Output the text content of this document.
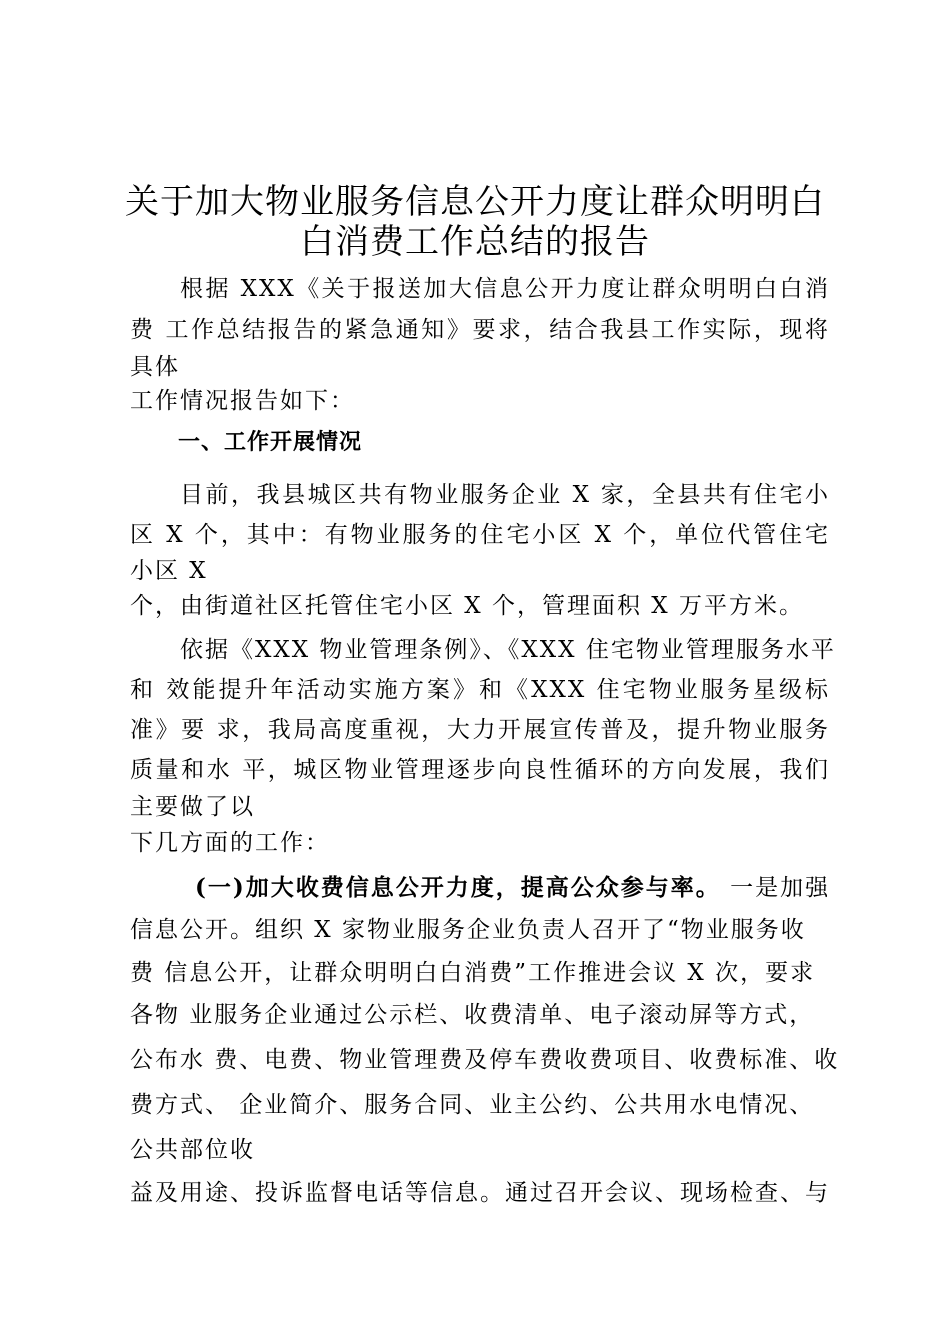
关于加大物业服务信息公开力度让群众明明白
白消费工作总结的报告
根据 XXX《关于报送加大信息公开力度让群众明明白白消
费 工作总结报告的紧急通知》要求，结合我县工作实际，现将
具体
工作情况报告如下：
一、工作开展情况
目前，我县城区共有物业服务企业 X 家，全县共有住宅小
区 X 个，其中：有物业服务的住宅小区 X 个，单位代管住宅
小区 X
个，由街道社区托管住宅小区 X 个，管理面积 X 万平方米。
依据《XXX 物业管理条例》、《XXX 住宅物业管理服务水平
和 效能提升年活动实施方案》和《XXX 住宅物业服务星级标
准》要 求，我局高度重视，大力开展宣传普及，提升物业服务
质量和水 平，城区物业管理逐步向良性循环的方向发展，我们
主要做了以
下几方面的工作：
(一)加大收费信息公开力度，提高公众参与率。 一是加强
信息公开。组织 X 家物业服务企业负责人召开了“物业服务收
费 信息公开，让群众明明白白消费”工作推进会议 X 次，要求
各物 业服务企业通过公示栏、收费清单、电子滚动屏等方式，
公布水 费、电费、物业管理费及停车费收费项目、收费标准、收
费方式、 企业简介、服务合同、业主公约、公共用水电情况、
公共部位收
益及用途、投诉监督电话等信息。通过召开会议、现场检查、与
